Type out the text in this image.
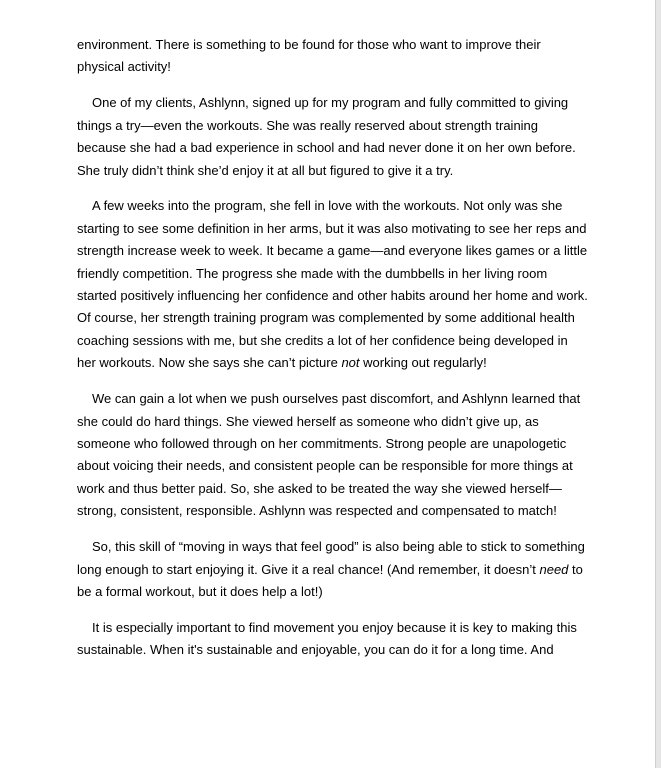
environment. There is something to be found for those who want to improve their physical activity!

One of my clients, Ashlynn, signed up for my program and fully committed to giving things a try—even the workouts. She was really reserved about strength training because she had a bad experience in school and had never done it on her own before. She truly didn’t think she’d enjoy it at all but figured to give it a try.

A few weeks into the program, she fell in love with the workouts. Not only was she starting to see some definition in her arms, but it was also motivating to see her reps and strength increase week to week. It became a game—and everyone likes games or a little friendly competition. The progress she made with the dumbbells in her living room started positively influencing her confidence and other habits around her home and work. Of course, her strength training program was complemented by some additional health coaching sessions with me, but she credits a lot of her confidence being developed in her workouts. Now she says she can’t picture not working out regularly!

We can gain a lot when we push ourselves past discomfort, and Ashlynn learned that she could do hard things. She viewed herself as someone who didn’t give up, as someone who followed through on her commitments. Strong people are unapologetic about voicing their needs, and consistent people can be responsible for more things at work and thus better paid. So, she asked to be treated the way she viewed herself—strong, consistent, responsible. Ashlynn was respected and compensated to match!

So, this skill of “moving in ways that feel good” is also being able to stick to something long enough to start enjoying it. Give it a real chance! (And remember, it doesn’t need to be a formal workout, but it does help a lot!)

It is especially important to find movement you enjoy because it is key to making this sustainable. When it's sustainable and enjoyable, you can do it for a long time. And
